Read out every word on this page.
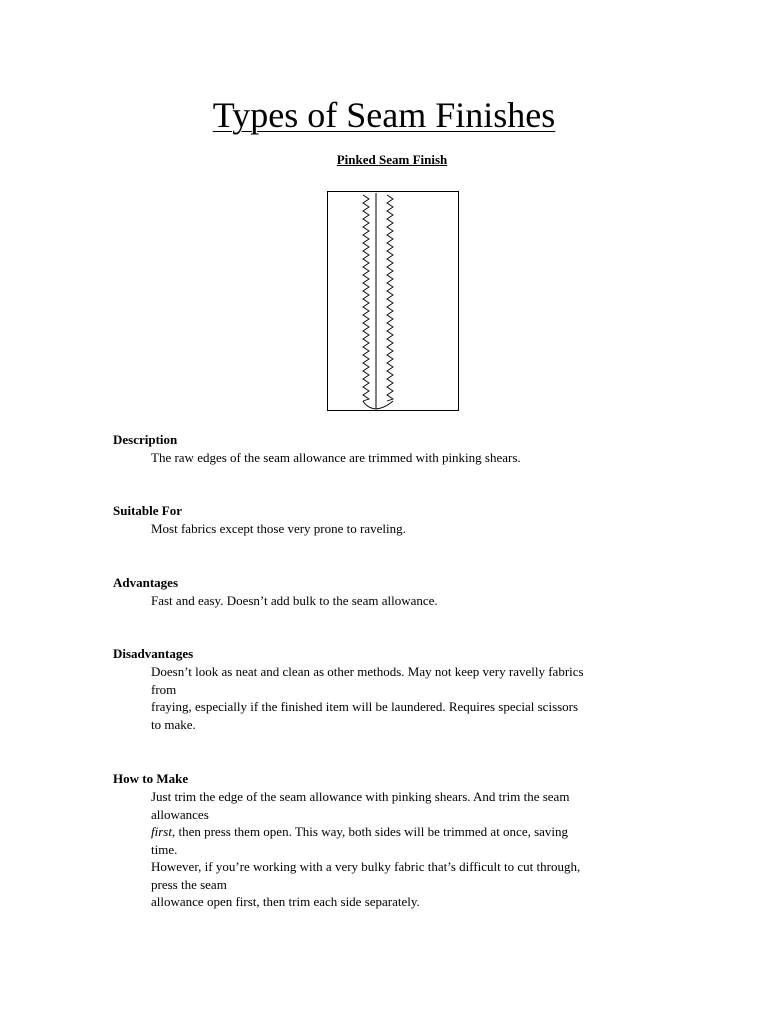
Types of Seam Finishes
Pinked Seam Finish

Description

The raw edges of the seam allowance are trimmed with pinking shears.

Suitable For

Most fabrics except those very prone to raveling.

Advantages

Fast and easy. Doesn’t add bulk to the seam allowance.

Disadvantages

Doesn’t look as neat and clean as other methods. May not keep very ravelly fabrics
from
fraying, especially if the finished item will be laundered. Requires special scissors
to make.

How to Make

Just trim the edge of the seam allowance with pinking shears. And trim the seam
allowances
first, then press them open. This way, both sides will be trimmed at once, saving
time.
However, if you’re working with a very bulky fabric that’s difficult to cut through,
press the seam
allowance open first, then trim each side separately.
